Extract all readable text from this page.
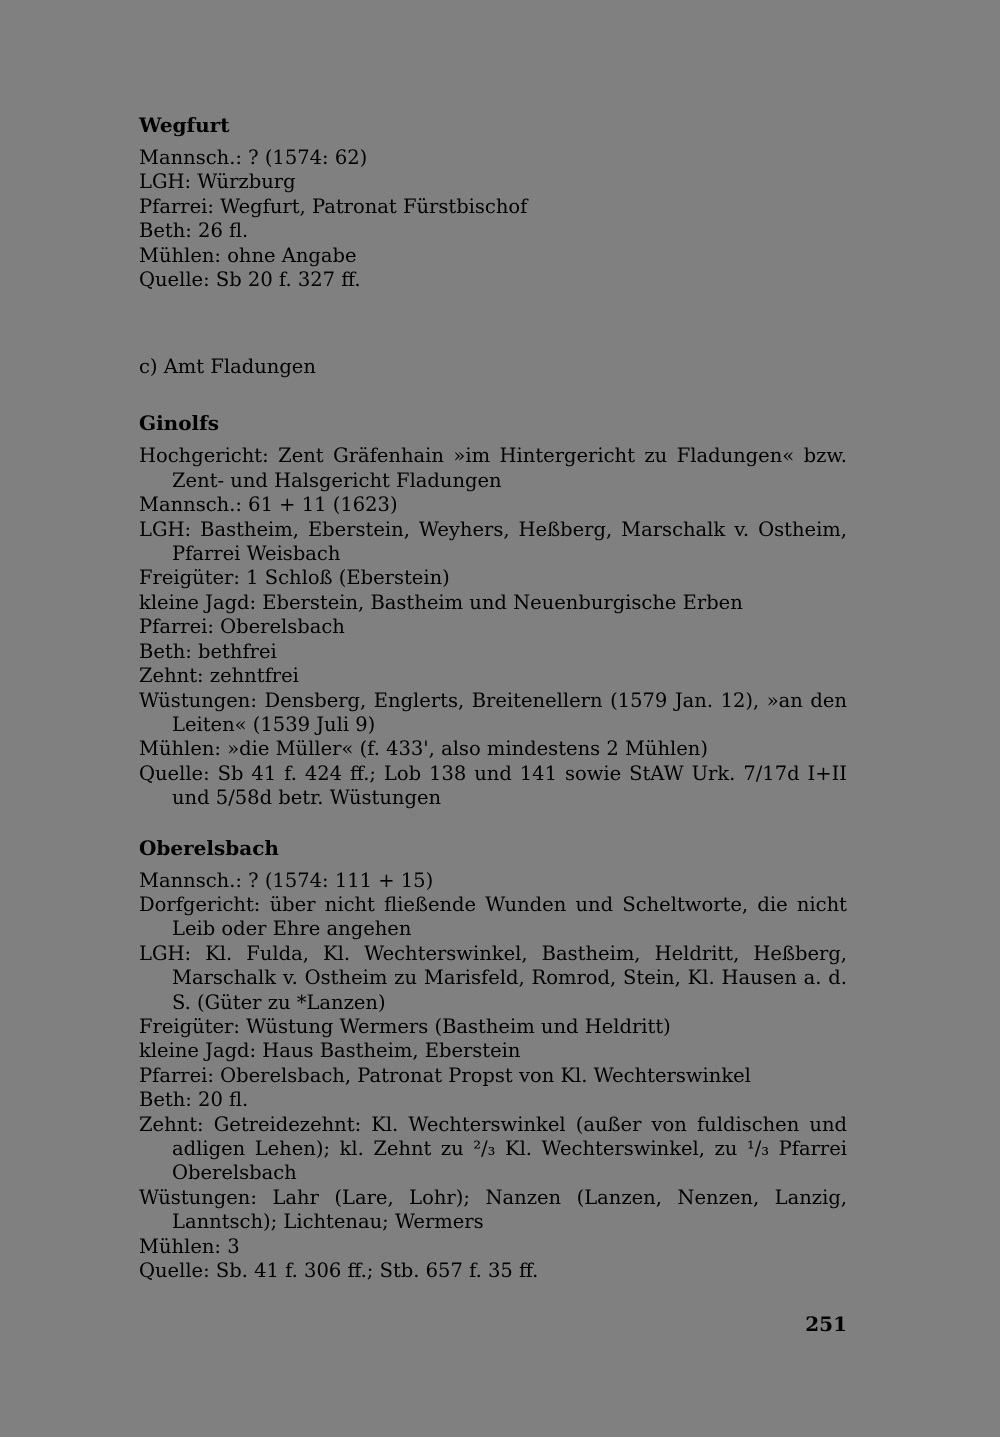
Wegfurt
Mannsch.: ? (1574: 62)
LGH: Würzburg
Pfarrei: Wegfurt, Patronat Fürstbischof
Beth: 26 fl.
Mühlen: ohne Angabe
Quelle: Sb 20 f. 327 ff.
c) Amt Fladungen
Ginolfs
Hochgericht: Zent Gräfenhain »im Hintergericht zu Fladungen« bzw. Zent- und Halsgericht Fladungen
Mannsch.: 61 + 11 (1623)
LGH: Bastheim, Eberstein, Weyhers, Heßberg, Marschalk v. Ostheim, Pfarrei Weisbach
Freigüter: 1 Schloß (Eberstein)
kleine Jagd: Eberstein, Bastheim und Neuenburgische Erben
Pfarrei: Oberelsbach
Beth: bethfrei
Zehnt: zehntfrei
Wüstungen: Densberg, Englerts, Breitenellern (1579 Jan. 12), »an den Leiten« (1539 Juli 9)
Mühlen: »die Müller« (f. 433', also mindestens 2 Mühlen)
Quelle: Sb 41 f. 424 ff.; Lob 138 und 141 sowie StAW Urk. 7/17d I+II und 5/58d betr. Wüstungen
Oberelsbach
Mannsch.: ? (1574: 111 + 15)
Dorfgericht: über nicht fließende Wunden und Scheltworte, die nicht Leib oder Ehre angehen
LGH: Kl. Fulda, Kl. Wechterswinkel, Bastheim, Heldritt, Heßberg, Marschalk v. Ostheim zu Marisfeld, Romrod, Stein, Kl. Hausen a. d. S. (Güter zu *Lanzen)
Freigüter: Wüstung Wermers (Bastheim und Heldritt)
kleine Jagd: Haus Bastheim, Eberstein
Pfarrei: Oberelsbach, Patronat Propst von Kl. Wechterswinkel
Beth: 20 fl.
Zehnt: Getreidezehnt: Kl. Wechterswinkel (außer von fuldischen und adligen Lehen); kl. Zehnt zu ²/₃ Kl. Wechterswinkel, zu ¹/₃ Pfarrei Oberelsbach
Wüstungen: Lahr (Lare, Lohr); Nanzen (Lanzen, Nenzen, Lanzig, Lanntsch); Lichtenau; Wermers
Mühlen: 3
Quelle: Sb. 41 f. 306 ff.; Stb. 657 f. 35 ff.
251
